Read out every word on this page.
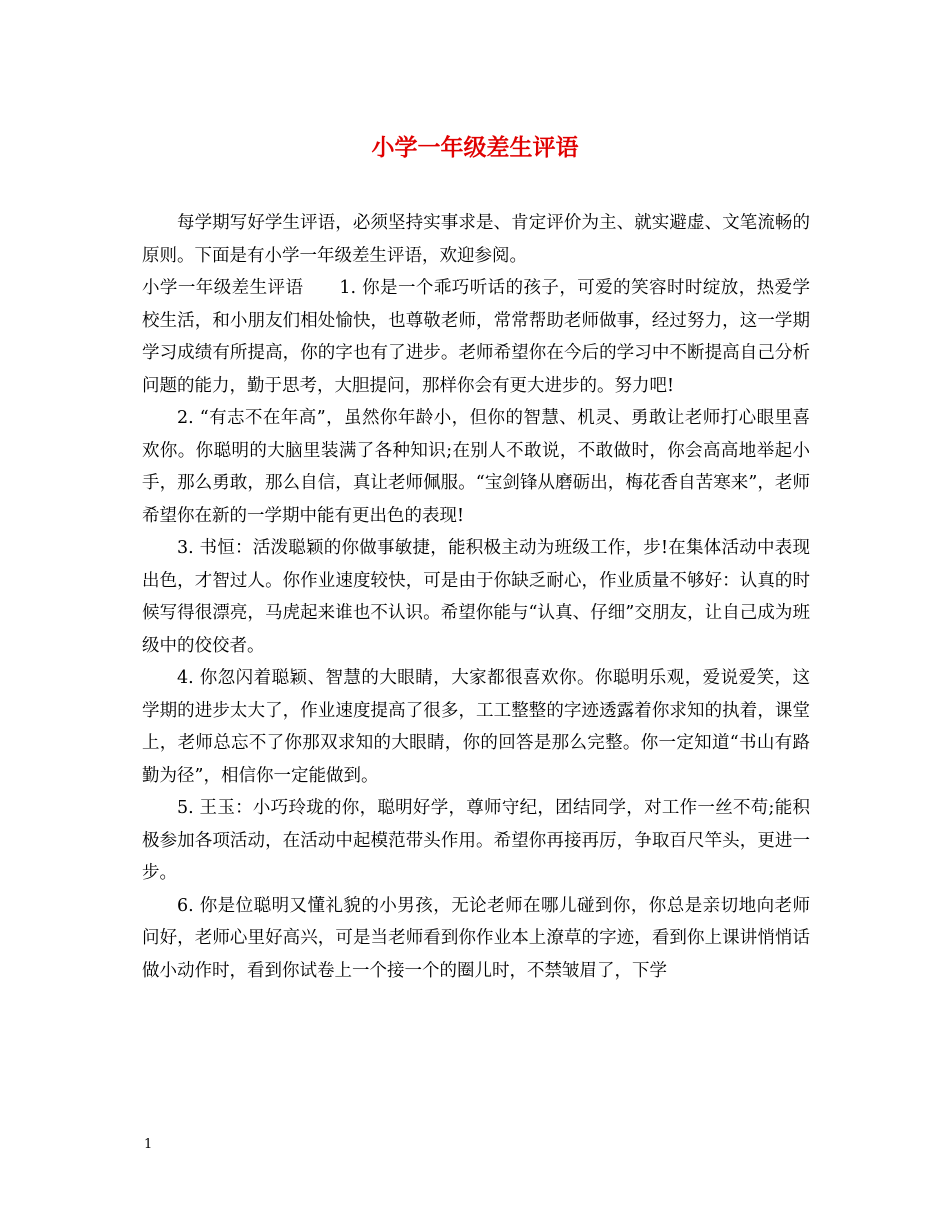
小学一年级差生评语

每学期写好学生评语，必须坚持实事求是、肯定评价为主、就实避虚、文笔流畅的原则。下面是有小学一年级差生评语，欢迎参阅。

小学一年级差生评语 1. 你是一个乖巧听话的孩子，可爱的笑容时时绽放，热爱学校生活，和小朋友们相处愉快，也尊敬老师，常常帮助老师做事，经过努力，这一学期学习成绩有所提高，你的字也有了进步。老师希望你在今后的学习中不断提高自己分析问题的能力，勤于思考，大胆提问，那样你会有更大进步的。努力吧!

2. “有志不在年高”，虽然你年龄小，但你的智慧、机灵、勇敢让老师打心眼里喜欢你。你聪明的大脑里装满了各种知识;在别人不敢说，不敢做时，你会高高地举起小手，那么勇敢，那么自信，真让老师佩服。“宝剑锋从磨砺出，梅花香自苦寒来”，老师希望你在新的一学期中能有更出色的表现!

3. 书恒：活泼聪颖的你做事敏捷，能积极主动为班级工作，步!在集体活动中表现出色，才智过人。你作业速度较快，可是由于你缺乏耐心，作业质量不够好：认真的时候写得很漂亮，马虎起来谁也不认识。希望你能与“认真、仔细”交朋友，让自己成为班级中的佼佼者。

4. 你忽闪着聪颖、智慧的大眼睛，大家都很喜欢你。你聪明乐观，爱说爱笑，这学期的进步太大了，作业速度提高了很多，工工整整的字迹透露着你求知的执着，课堂上，老师总忘不了你那双求知的大眼睛，你的回答是那么完整。你一定知道“书山有路勤为径”，相信你一定能做到。

5. 王玉：小巧玲珑的你，聪明好学，尊师守纪，团结同学，对工作一丝不苟;能积极参加各项活动，在活动中起模范带头作用。希望你再接再厉，争取百尺竿头，更进一步。

6. 你是位聪明又懂礼貌的小男孩，无论老师在哪儿碰到你，你总是亲切地向老师问好，老师心里好高兴，可是当老师看到你作业本上潦草的字迹，看到你上课讲悄悄话做小动作时，看到你试卷上一个接一个的圈儿时，不禁皱眉了，下学

1
